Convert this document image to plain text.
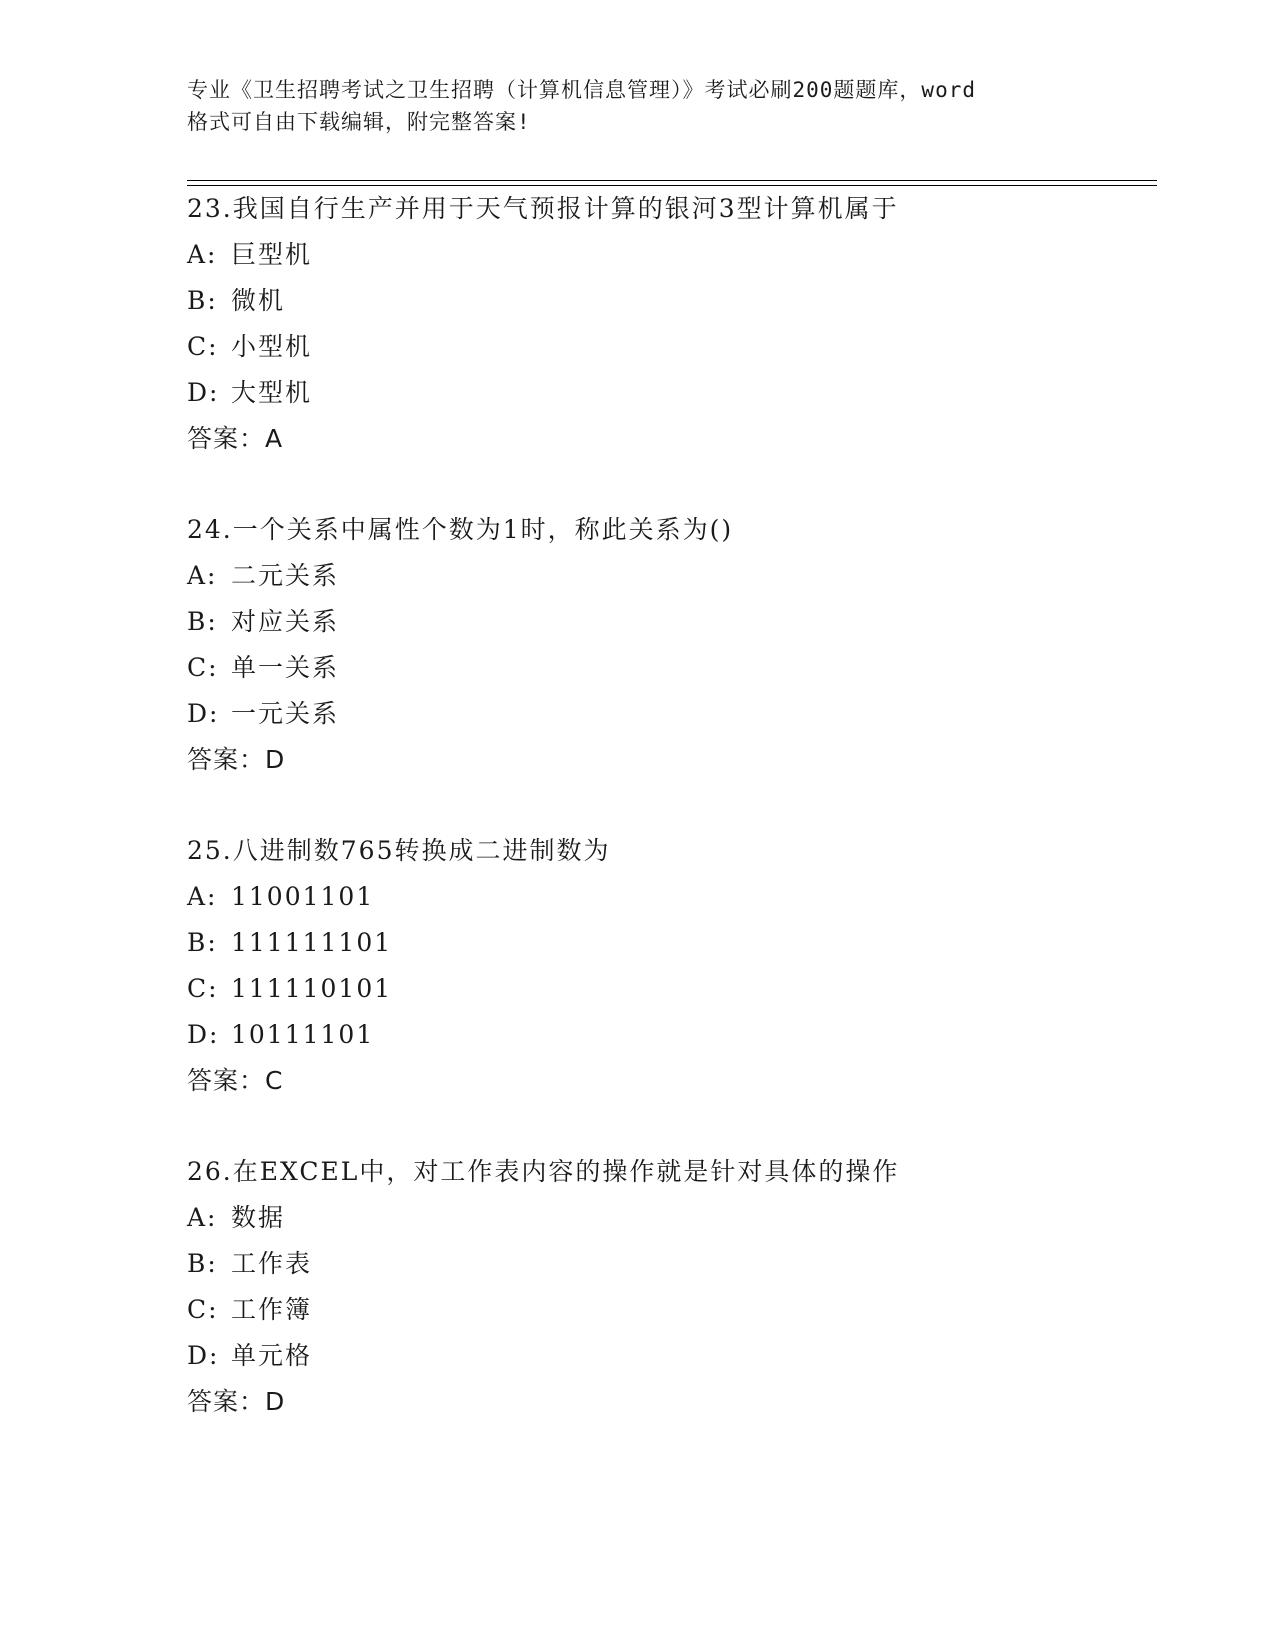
专业《卫生招聘考试之卫生招聘（计算机信息管理）》考试必刷200题题库，word
格式可自由下载编辑，附完整答案!
23.我国自行生产并用于天气预报计算的银河3型计算机属于
A: 巨型机
B: 微机
C: 小型机
D: 大型机
答案：A
24.一个关系中属性个数为1时，称此关系为()
A: 二元关系
B: 对应关系
C: 单一关系
D: 一元关系
答案：D
25.八进制数765转换成二进制数为
A: 11001101
B: 111111101
C: 111110101
D: 10111101
答案：C
26.在EXCEL中，对工作表内容的操作就是针对具体的操作
A: 数据
B: 工作表
C: 工作簿
D: 单元格
答案：D
